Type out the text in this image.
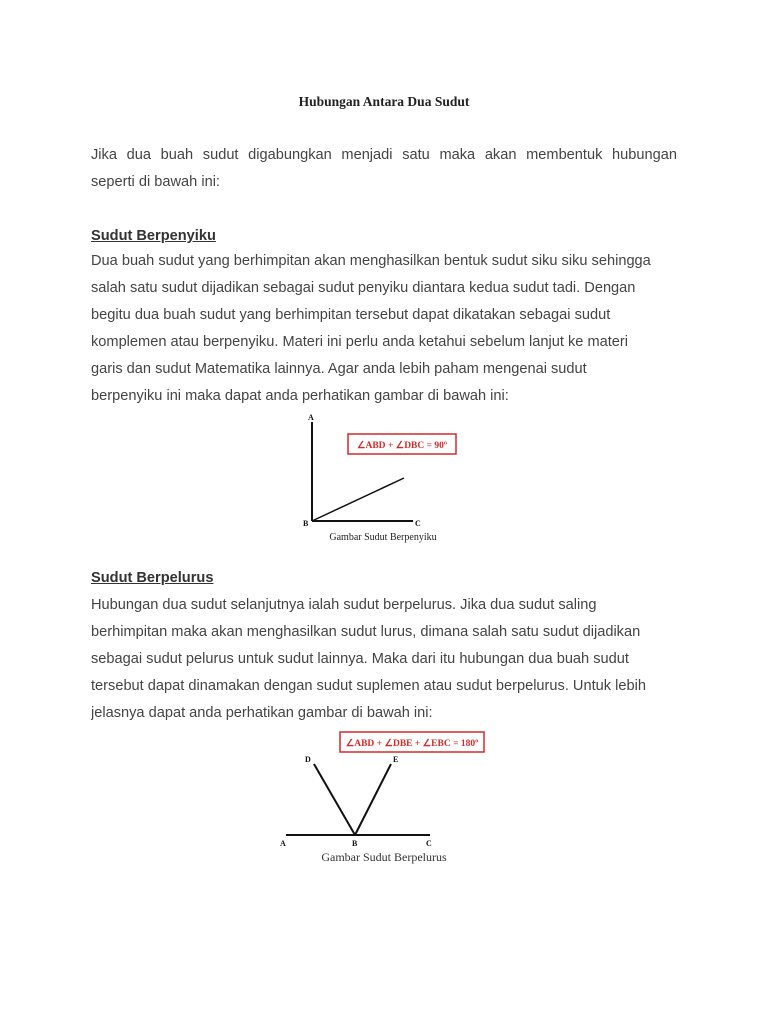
Hubungan Antara Dua Sudut
Jika dua buah sudut digabungkan menjadi satu maka akan membentuk hubungan
seperti di bawah ini:
Sudut Berpenyiku
Dua buah sudut yang berhimpitan akan menghasilkan bentuk sudut siku siku sehingga
salah satu sudut dijadikan sebagai sudut penyiku diantara kedua sudut tadi. Dengan
begitu dua buah sudut yang berhimpitan tersebut dapat dikatakan sebagai sudut
komplemen atau berpenyiku. Materi ini perlu anda ketahui sebelum lanjut ke materi
garis dan sudut Matematika lainnya. Agar anda lebih paham mengenai sudut
berpenyiku ini maka dapat anda perhatikan gambar di bawah ini:
∠ABD + ∠DBC = 90º
A
B	C
Gambar Sudut Berpenyiku
Sudut Berpelurus
Hubungan dua sudut selanjutnya ialah sudut berpelurus. Jika dua sudut saling
berhimpitan maka akan menghasilkan sudut lurus, dimana salah satu sudut dijadikan
sebagai sudut pelurus untuk sudut lainnya. Maka dari itu hubungan dua buah sudut
tersebut dapat dinamakan dengan sudut suplemen atau sudut berpelurus. Untuk lebih
jelasnya dapat anda perhatikan gambar di bawah ini:
∠ABD + ∠DBE + ∠EBC = 180º
D	E
A	B	C
Gambar Sudut Berpelurus
